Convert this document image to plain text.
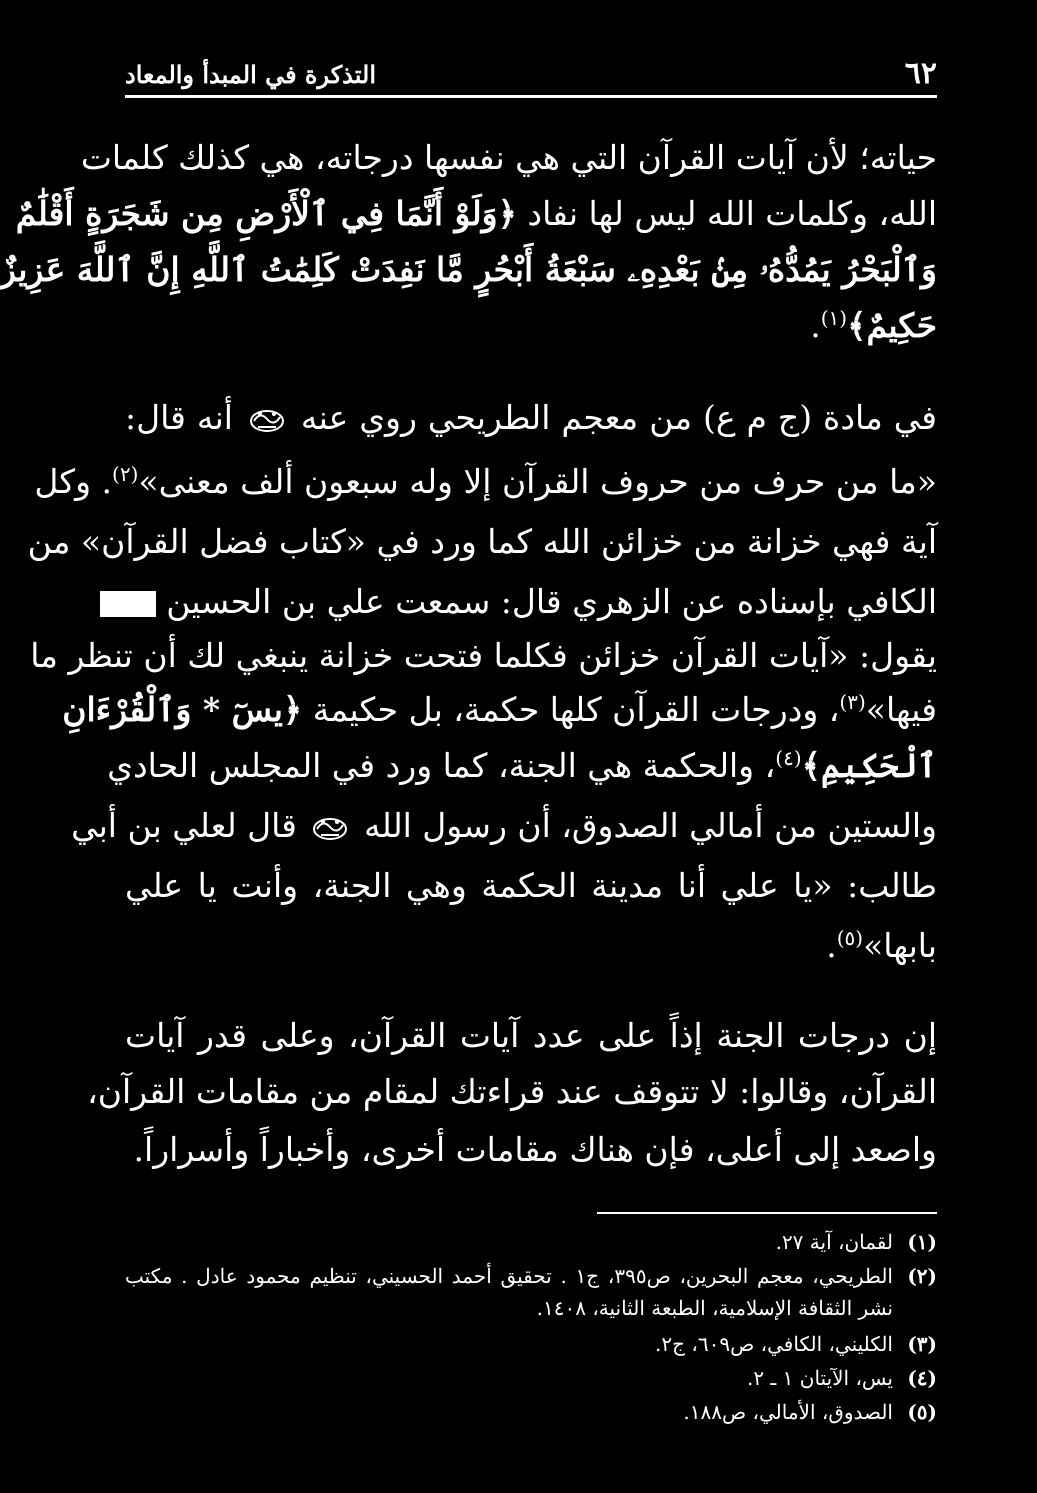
٦٢
التذكرة في المبدأ والمعاد
حياته؛ لأن آيات القرآن التي هي نفسها درجاته، هي كذلك كلمات
الله، وكلمات الله ليس لها نفاد ﴿وَلَوْ أَنَّمَا فِي ٱلْأَرْضِ مِن شَجَرَةٍ أَقْلَٰمٌ
وَٱلْبَحْرُ يَمُدُّهُۥ مِنۢ بَعْدِهِۦ سَبْعَةُ أَبْحُرٍ مَّا نَفِدَتْ كَلِمَٰتُ ٱللَّهِ إِنَّ ٱللَّهَ عَزِيزٌ
حَكِيمٌ﴾$^{(١)}$.
في مادة (ج م ع) من معجم الطريحي روي عنه  أنه قال:
«ما من حرف من حروف القرآن إلا وله سبعون ألف معنى»$^{(٢)}$. وكل
آية فهي خزانة من خزائن الله كما ورد في «كتاب فضل القرآن» من
الكافي بإسناده عن الزهري قال: سمعت علي بن الحسين
يقول: «آيات القرآن خزائن فكلما فتحت خزانة ينبغي لك أن تنظر ما
فيها»$^{(٣)}$، ودرجات القرآن كلها حكمة، بل حكيمة ﴿يسٓ * وَٱلْقُرْءَانِ
ٱلْحَكِيمِ﴾$^{(٤)}$، والحكمة هي الجنة، كما ورد في المجلس الحادي
والستين من أمالي الصدوق، أن رسول الله  قال لعلي بن أبي
طالب: «يا علي أنا مدينة الحكمة وهي الجنة، وأنت يا علي
بابها»$^{(٥)}$.
إن درجات الجنة إذاً على عدد آيات القرآن، وعلى قدر آيات
القرآن، وقالوا: لا تتوقف عند قراءتك لمقام من مقامات القرآن،
واصعد إلى أعلى، فإن هناك مقامات أخرى، وأخباراً وأسراراً.
(١)لقمان، آية ٢٧.
(٢)الطريحي، معجم البحرين، ص٣٩٥، ج١ . تحقيق أحمد الحسيني، تنظيم محمود عادل . مكتب
نشر الثقافة الإسلامية، الطبعة الثانية، ١٤٠٨.
(٣)الكليني، الكافي، ص٦٠٩، ج٢.
(٤)يس، الآيتان ١ ـ ٢.
(٥)الصدوق، الأمالي، ص١٨٨.
